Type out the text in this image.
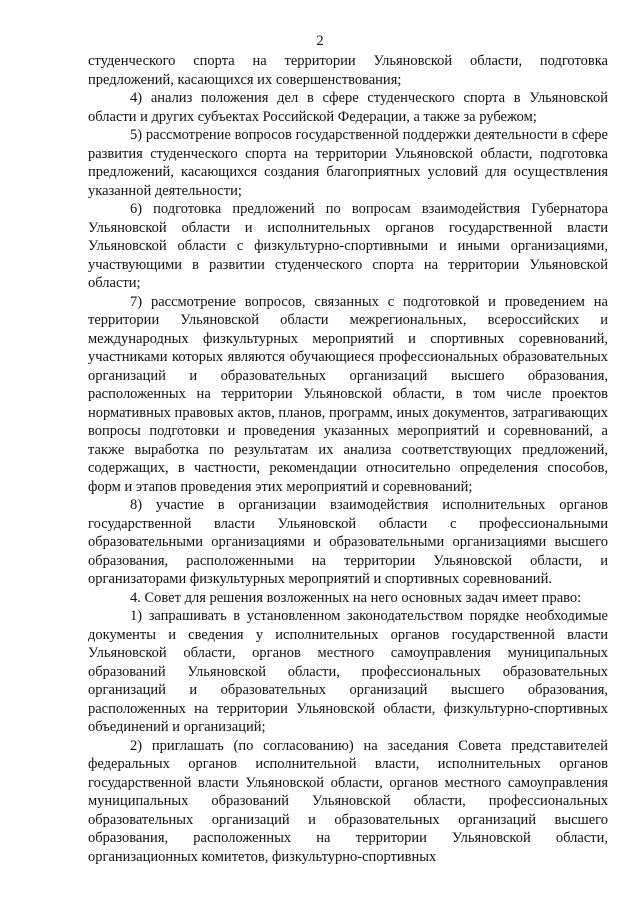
2

студенческого спорта на территории Ульяновской области, подготовка предложений, касающихся их совершенствования;

4) анализ положения дел в сфере студенческого спорта в Ульяновской области и других субъектах Российской Федерации, а также за рубежом;

5) рассмотрение вопросов государственной поддержки деятельности в сфере развития студенческого спорта на территории Ульяновской области, подготовка предложений, касающихся создания благоприятных условий для осуществления указанной деятельности;

6) подготовка предложений по вопросам взаимодействия Губернатора Ульяновской области и исполнительных органов государственной власти Ульяновской области с физкультурно-спортивными и иными организациями, участвующими в развитии студенческого спорта на территории Ульяновской области;

7) рассмотрение вопросов, связанных с подготовкой и проведением на территории Ульяновской области межрегиональных, всероссийских и международных физкультурных мероприятий и спортивных соревнований, участниками которых являются обучающиеся профессиональных образовательных организаций и образовательных организаций высшего образования, расположенных на территории Ульяновской области, в том числе проектов нормативных правовых актов, планов, программ, иных документов, затрагивающих вопросы подготовки и проведения указанных мероприятий и соревнований, а также выработка по результатам их анализа соответствующих предложений, содержащих, в частности, рекомендации относительно определения способов, форм и этапов проведения этих мероприятий и соревнований;

8) участие в организации взаимодействия исполнительных органов государственной власти Ульяновской области с профессиональными образовательными организациями и образовательными организациями высшего образования, расположенными на территории Ульяновской области, и организаторами физкультурных мероприятий и спортивных соревнований.

4. Совет для решения возложенных на него основных задач имеет право:

1) запрашивать в установленном законодательством порядке необходимые документы и сведения у исполнительных органов государственной власти Ульяновской области, органов местного самоуправления муниципальных образований Ульяновской области, профессиональных образовательных организаций и образовательных организаций высшего образования, расположенных на территории Ульяновской области, физкультурно-спортивных объединений и организаций;

2) приглашать (по согласованию) на заседания Совета представителей федеральных органов исполнительной власти, исполнительных органов государственной власти Ульяновской области, органов местного самоуправления муниципальных образований Ульяновской области, профессиональных образовательных организаций и образовательных организаций высшего образования, расположенных на территории Ульяновской области, организационных комитетов, физкультурно-спортивных
